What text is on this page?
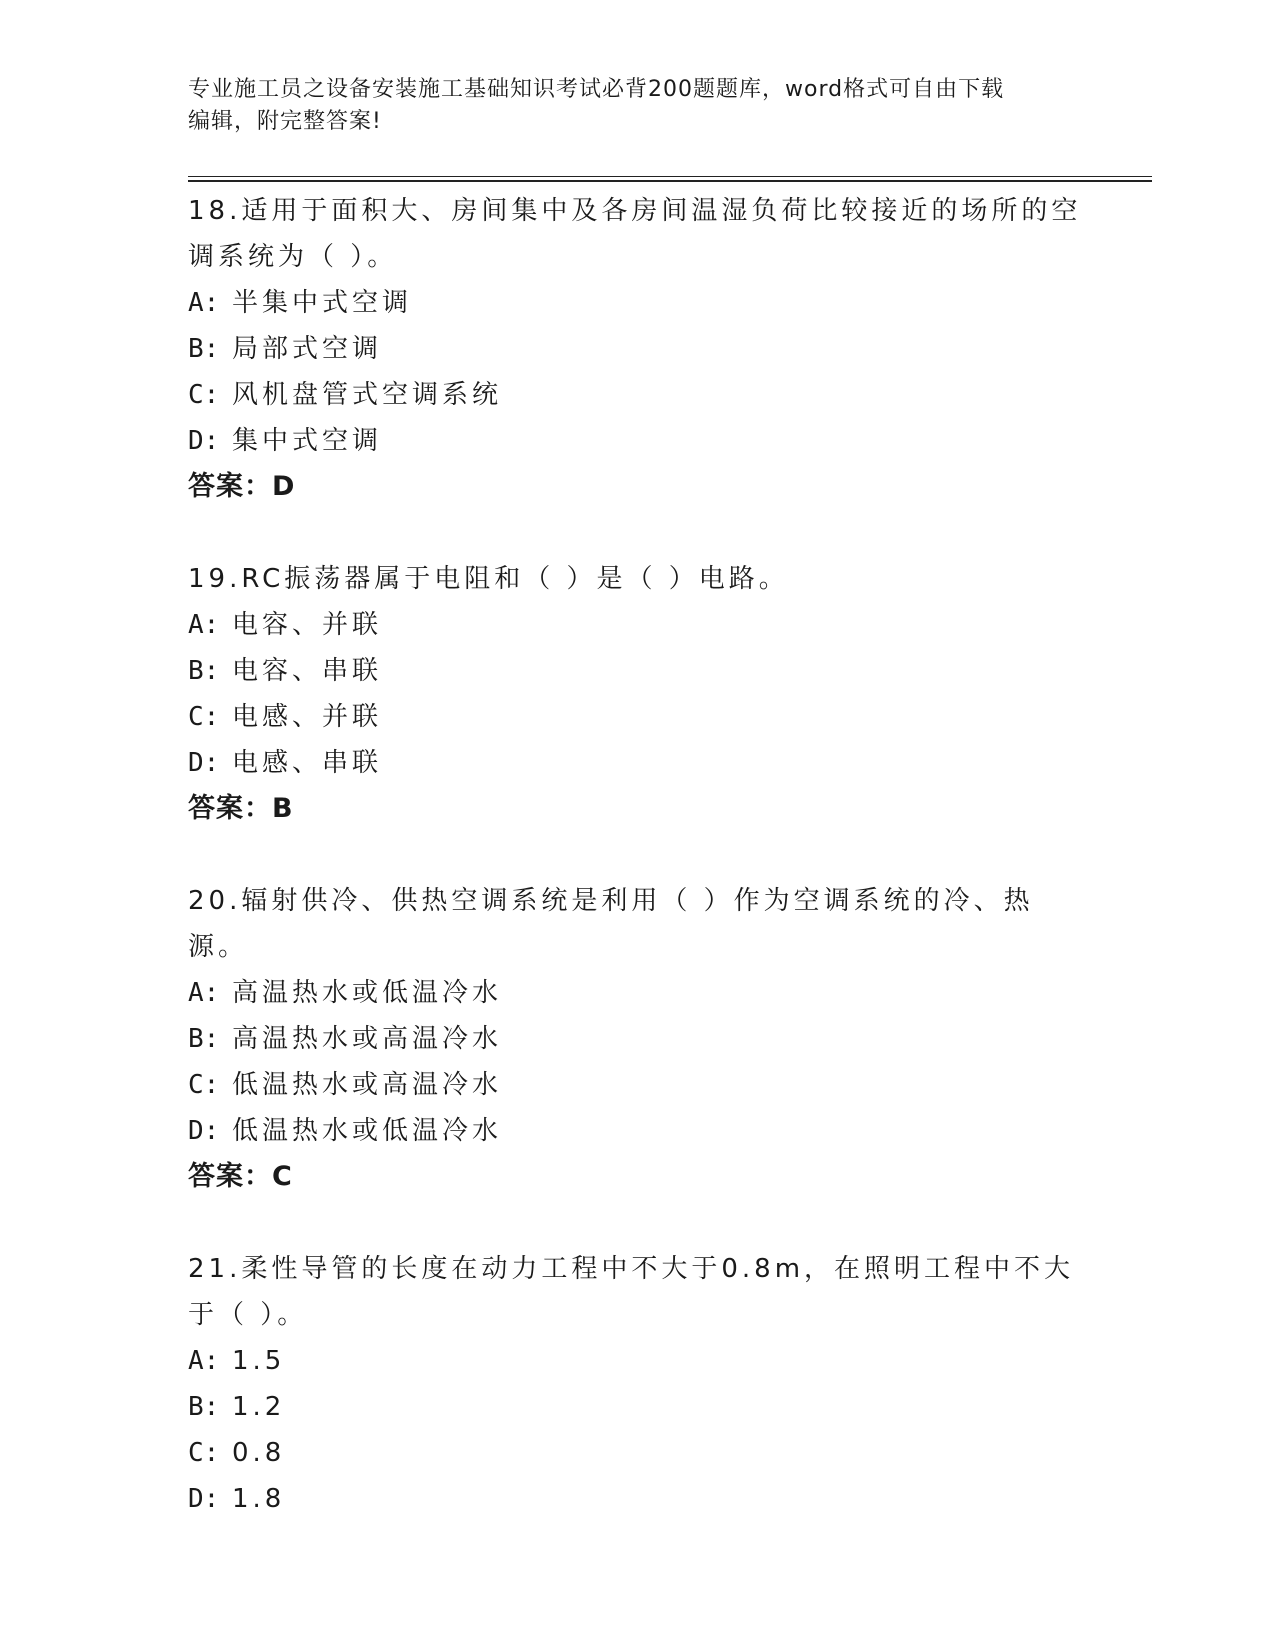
专业施工员之设备安装施工基础知识考试必背200题题库，word格式可自由下载
编辑，附完整答案!
18.适用于面积大、房间集中及各房间温湿负荷比较接近的场所的空调系统为（ ）。
A: 半集中式空调
B: 局部式空调
C: 风机盘管式空调系统
D: 集中式空调
答案：D
19.RC振荡器属于电阻和（ ）是（ ）电路。
A: 电容、并联
B: 电容、串联
C: 电感、并联
D: 电感、串联
答案：B
20.辐射供冷、供热空调系统是利用（ ）作为空调系统的冷、热源。
A: 高温热水或低温冷水
B: 高温热水或高温冷水
C: 低温热水或高温冷水
D: 低温热水或低温冷水
答案：C
21.柔性导管的长度在动力工程中不大于0.8m，在照明工程中不大于（ ）。
A: 1.5
B: 1.2
C: 0.8
D: 1.8
